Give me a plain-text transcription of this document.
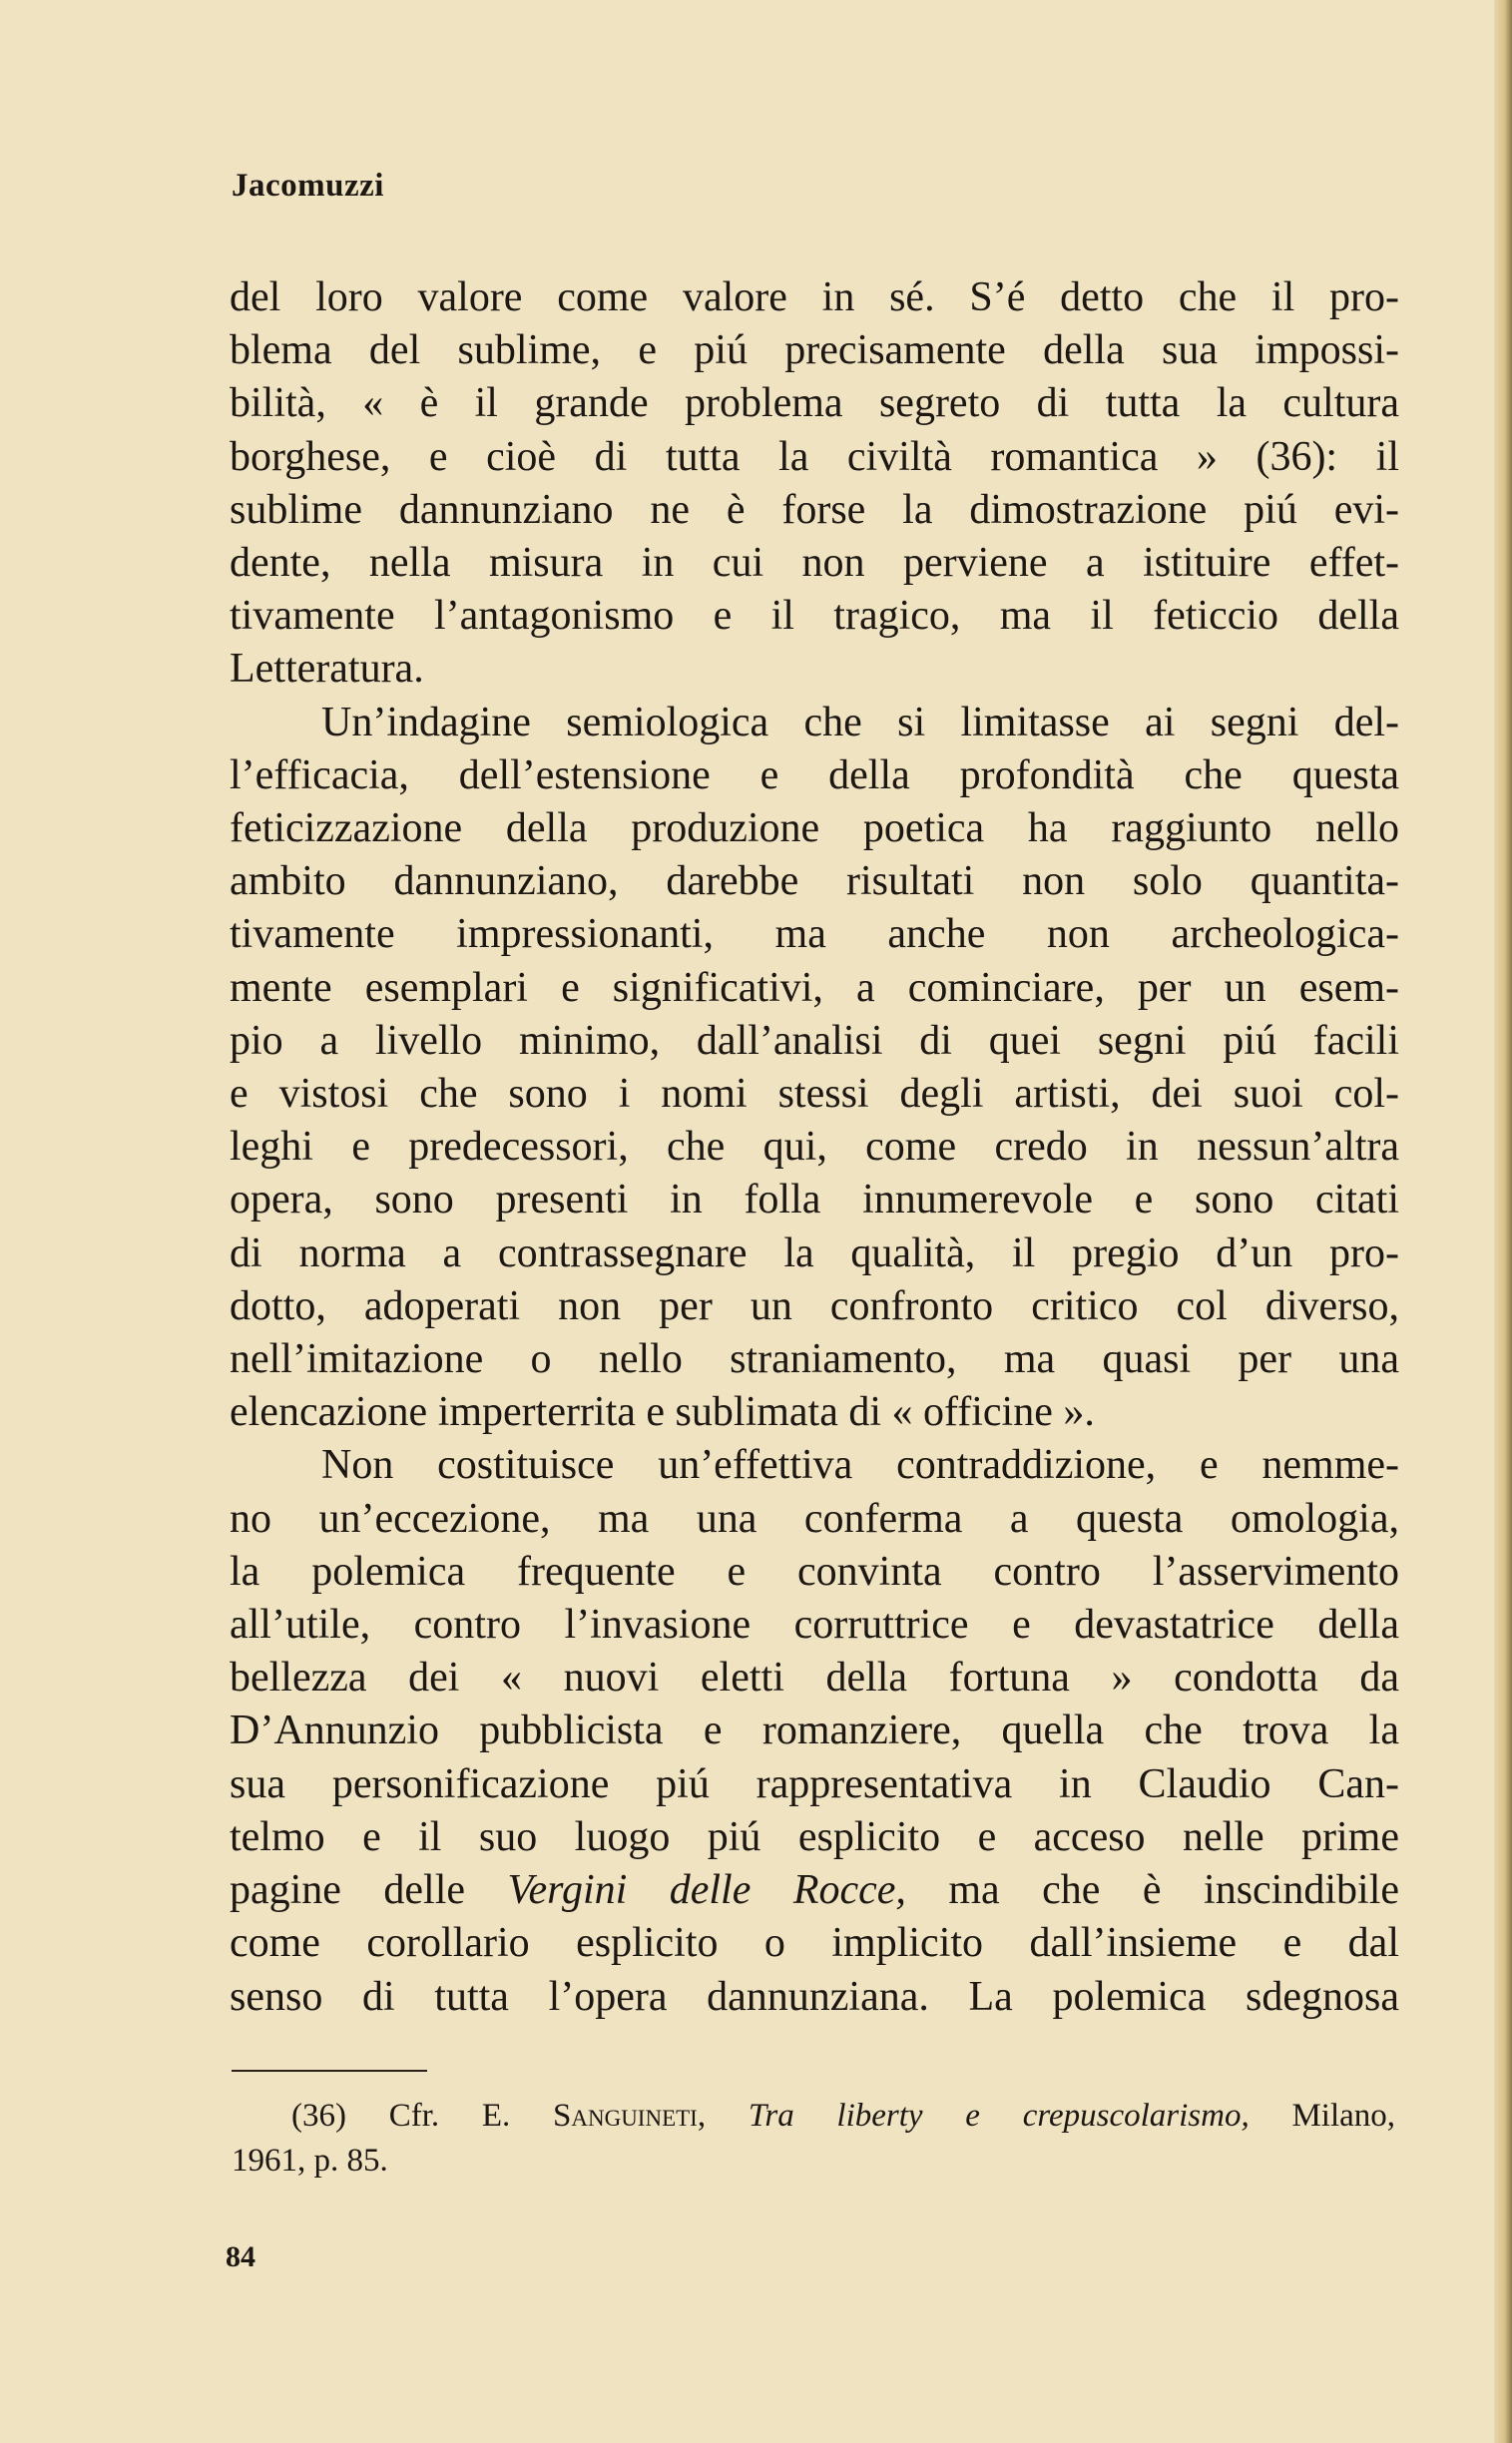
Jacomuzzi
del loro valore come valore in sé. S’é detto che il pro-
blema del sublime, e piú precisamente della sua impossi-
bilità, « è il grande problema segreto di tutta la cultura
borghese, e cioè di tutta la civiltà romantica » (36): il
sublime dannunziano ne è forse la dimostrazione piú evi-
dente, nella misura in cui non perviene a istituire effet-
tivamente l’antagonismo e il tragico, ma il feticcio della
Letteratura.
Un’indagine semiologica che si limitasse ai segni del-
l’efficacia, dell’estensione e della profondità che questa
feticizzazione della produzione poetica ha raggiunto nello
ambito dannunziano, darebbe risultati non solo quantita-
tivamente impressionanti, ma anche non archeologica-
mente esemplari e significativi, a cominciare, per un esem-
pio a livello minimo, dall’analisi di quei segni piú facili
e vistosi che sono i nomi stessi degli artisti, dei suoi col-
leghi e predecessori, che qui, come credo in nessun’altra
opera, sono presenti in folla innumerevole e sono citati
di norma a contrassegnare la qualità, il pregio d’un pro-
dotto, adoperati non per un confronto critico col diverso,
nell’imitazione o nello straniamento, ma quasi per una
elencazione imperterrita e sublimata di « officine ».
Non costituisce un’effettiva contraddizione, e nemme-
no un’eccezione, ma una conferma a questa omologia,
la polemica frequente e convinta contro l’asservimento
all’utile, contro l’invasione corruttrice e devastatrice della
bellezza dei « nuovi eletti della fortuna » condotta da
D’Annunzio pubblicista e romanziere, quella che trova la
sua personificazione piú rappresentativa in Claudio Can-
telmo e il suo luogo piú esplicito e acceso nelle prime
pagine delle Vergini delle Rocce, ma che è inscindibile
come corollario esplicito o implicito dall’insieme e dal
senso di tutta l’opera dannunziana. La polemica sdegnosa
(36) Cfr. E. Sanguineti, Tra liberty e crepuscolarismo, Milano,
1961, p. 85.
84
